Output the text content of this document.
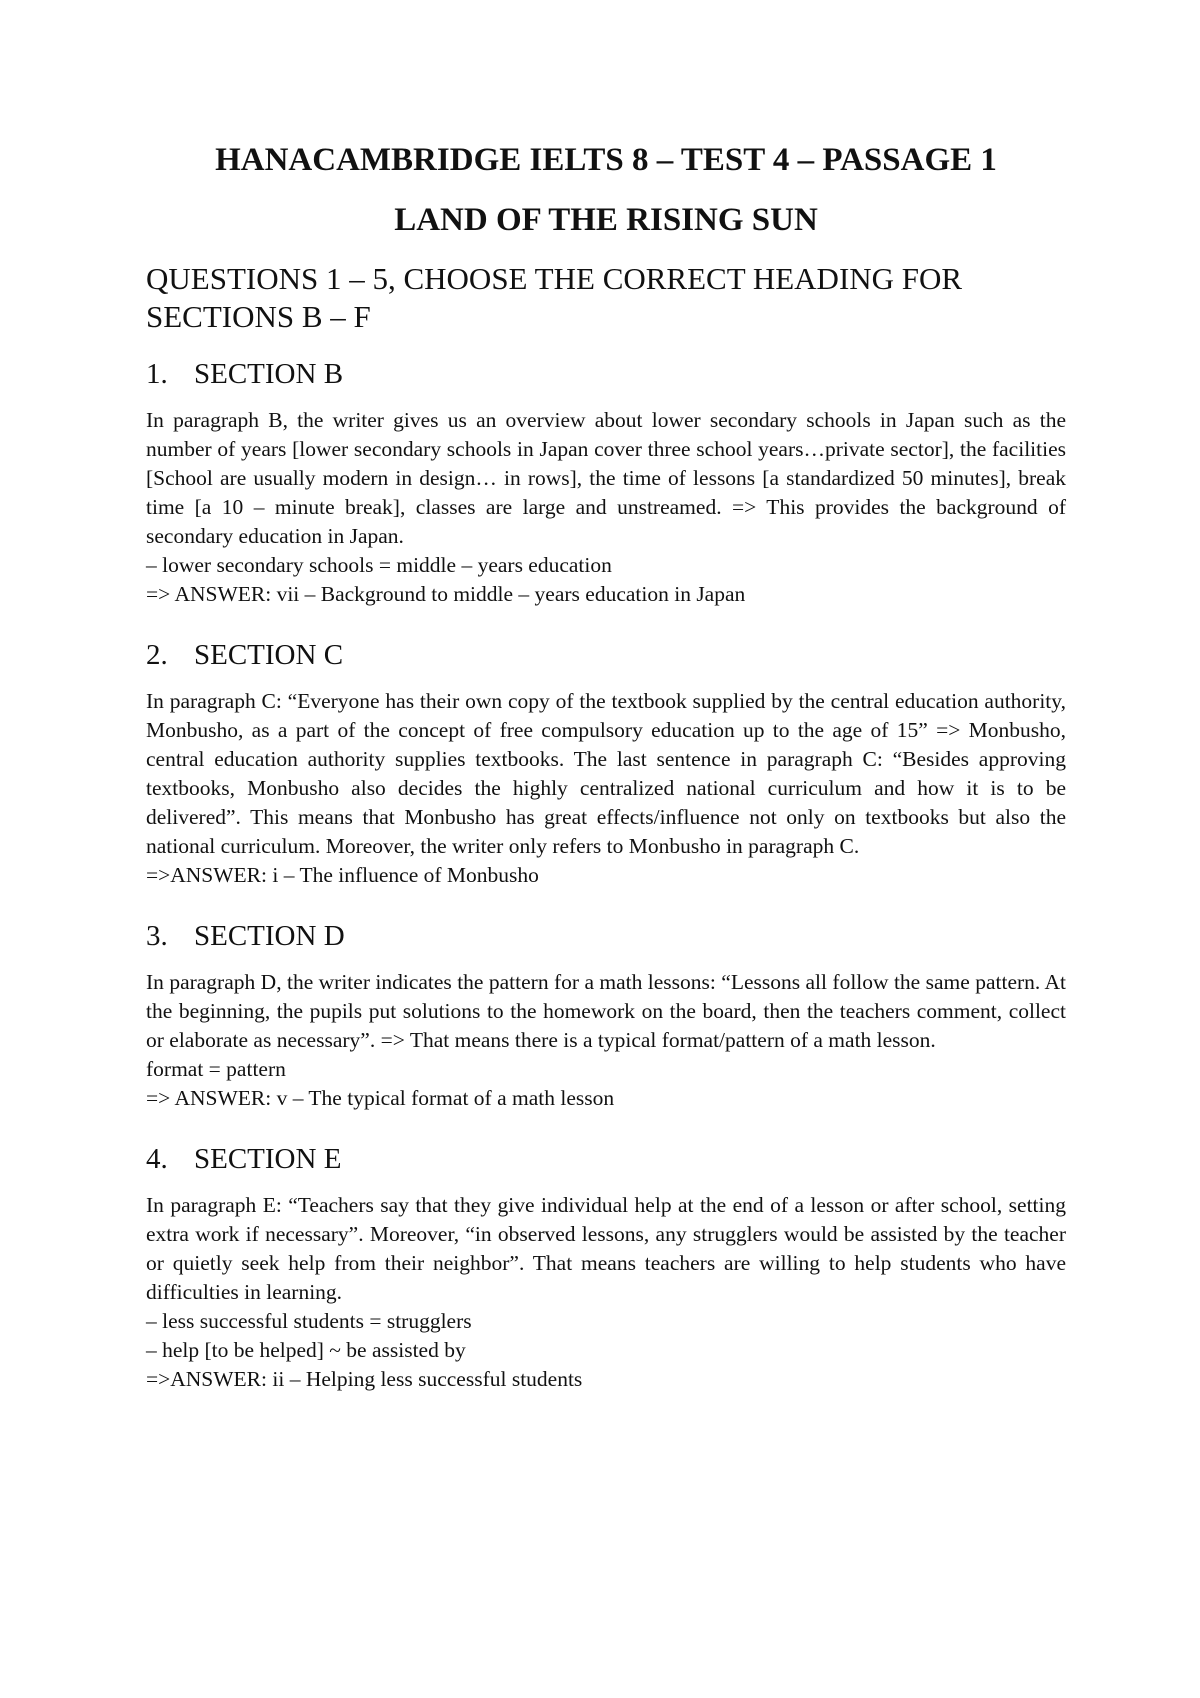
HANACAMBRIDGE IELTS 8 – TEST 4 – PASSAGE 1
LAND OF THE RISING SUN

QUESTIONS 1 – 5, CHOOSE THE CORRECT HEADING FOR SECTIONS B – F

1. SECTION B

In paragraph B, the writer gives us an overview about lower secondary schools in Japan such as the number of years [lower secondary schools in Japan cover three school years…private sector], the facilities [School are usually modern in design… in rows], the time of lessons [a standardized 50 minutes], break time [a 10 – minute break], classes are large and unstreamed. => This provides the background of secondary education in Japan.

– lower secondary schools = middle – years education

=> ANSWER: vii – Background to middle – years education in Japan

2. SECTION C

In paragraph C: “Everyone has their own copy of the textbook supplied by the central education authority, Monbusho, as a part of the concept of free compulsory education up to the age of 15” => Monbusho, central education authority supplies textbooks. The last sentence in paragraph C: “Besides approving textbooks, Monbusho also decides the highly centralized national curriculum and how it is to be delivered”. This means that Monbusho has great effects/influence not only on textbooks but also the national curriculum. Moreover, the writer only refers to Monbusho in paragraph C.

=>ANSWER: i – The influence of Monbusho

3. SECTION D

In paragraph D, the writer indicates the pattern for a math lessons: “Lessons all follow the same pattern. At the beginning, the pupils put solutions to the homework on the board, then the teachers comment, collect or elaborate as necessary”. => That means there is a typical format/pattern of a math lesson.

format = pattern

=> ANSWER: v – The typical format of a math lesson

4. SECTION E

In paragraph E: “Teachers say that they give individual help at the end of a lesson or after school, setting extra work if necessary”. Moreover, “in observed lessons, any strugglers would be assisted by the teacher or quietly seek help from their neighbor”. That means teachers are willing to help students who have difficulties in learning.

– less successful students = strugglers

– help [to be helped] ~ be assisted by

=>ANSWER: ii – Helping less successful students
